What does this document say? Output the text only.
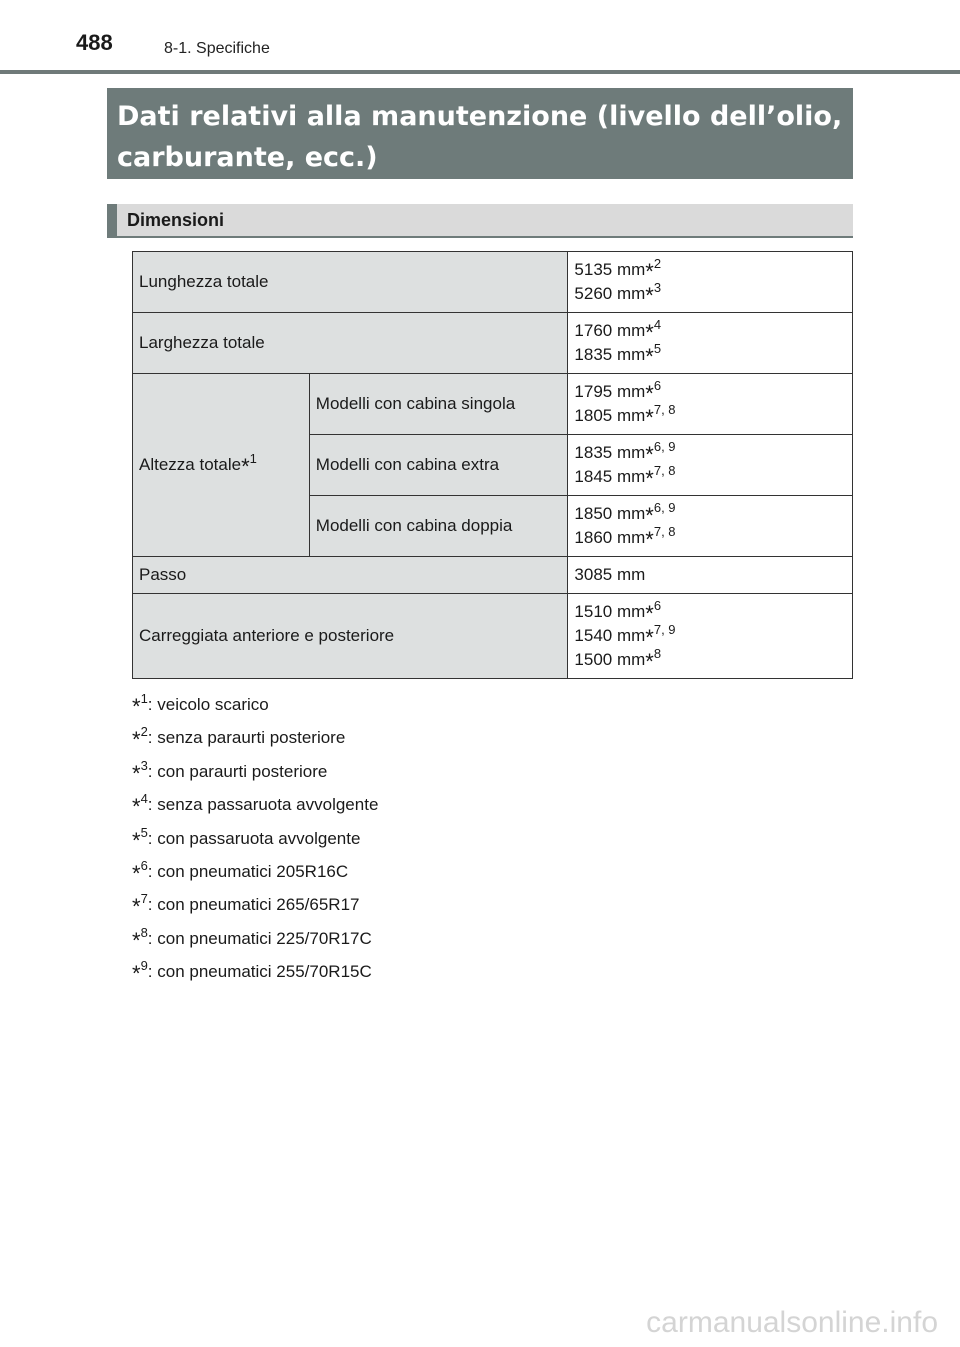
488	8-1. Specifiche
Dati relativi alla manutenzione (livello dell’olio, carburante, ecc.)
Dimensioni
Lunghezza totale		5135 mm*$^2$
5260 mm*$^3$
Larghezza totale		1760 mm*$^4$
1835 mm*$^5$
Altezza totale*$^1$	Modelli con cabina singola	1795 mm*$^6$
1805 mm*$^{7, 8}$
	Modelli con cabina extra	1835 mm*$^{6, 9}$
1845 mm*$^{7, 8}$
	Modelli con cabina doppia	1850 mm*$^{6, 9}$
1860 mm*$^{7, 8}$
Passo		3085 mm
Carreggiata anteriore e posteriore		1510 mm*$^6$
1540 mm*$^{7, 9}$
1500 mm*$^8$
*$^1$: veicolo scarico
*$^2$: senza paraurti posteriore
*$^3$: con paraurti posteriore
*$^4$: senza passaruota avvolgente
*$^5$: con passaruota avvolgente
*$^6$: con pneumatici 205R16C
*$^7$: con pneumatici 265/65R17
*$^8$: con pneumatici 225/70R17C
*$^9$: con pneumatici 255/70R15C
carmanualsonline.info
